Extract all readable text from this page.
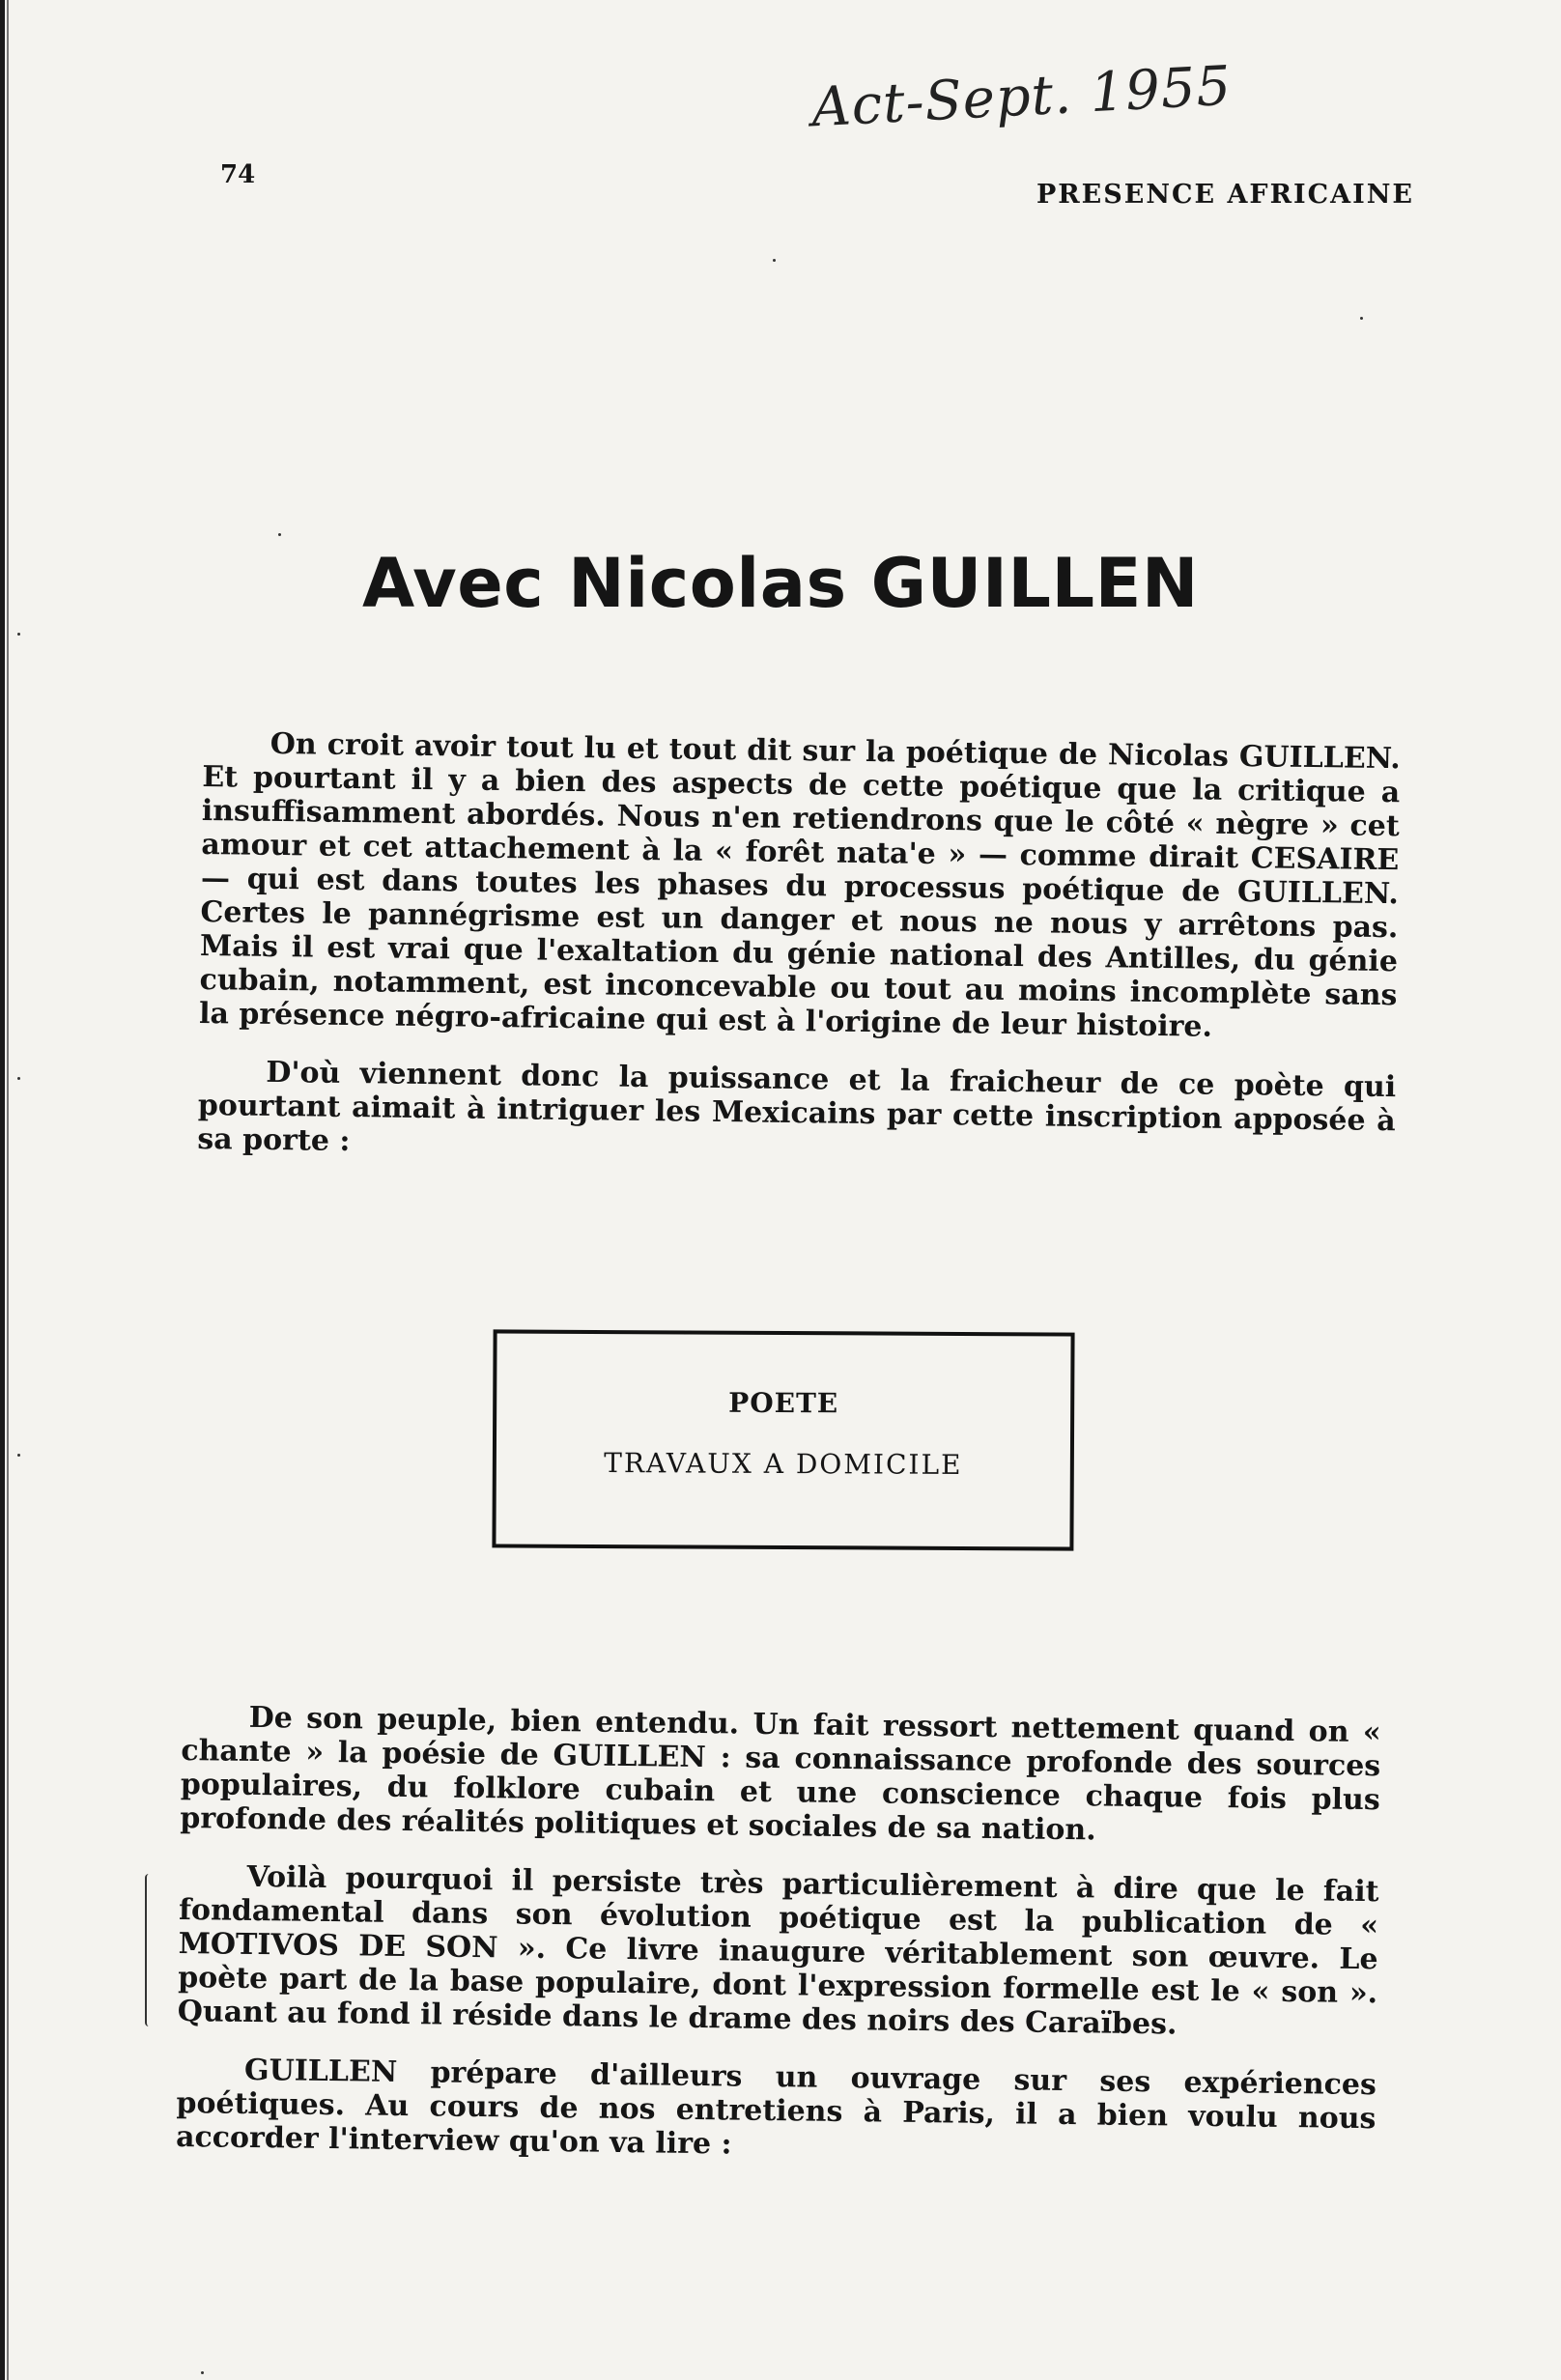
Act-Sept. 1955
74
PRESENCE AFRICAINE
Avec Nicolas GUILLEN

On croit avoir tout lu et tout dit sur la poétique de Nicolas GUILLEN. Et pourtant il y a bien des aspects de cette poétique que la critique a insuffisamment abordés. Nous n'en retiendrons que le côté « nègre » cet amour et cet attachement à la « forêt nata'e » — comme dirait CESAIRE — qui est dans toutes les phases du processus poétique de GUILLEN. Certes le pannégrisme est un danger et nous ne nous y arrêtons pas. Mais il est vrai que l'exaltation du génie national des Antilles, du génie cubain, notamment, est inconcevable ou tout au moins incomplète sans la présence négro-africaine qui est à l'origine de leur histoire.

D'où viennent donc la puissance et la fraicheur de ce poète qui pourtant aimait à intriguer les Mexicains par cette inscription apposée à sa porte :

POETE
TRAVAUX A DOMICILE

De son peuple, bien entendu. Un fait ressort nettement quand on « chante » la poésie de GUILLEN : sa connaissance profonde des sources populaires, du folklore cubain et une conscience chaque fois plus profonde des réalités politiques et sociales de sa nation.

Voilà pourquoi il persiste très particulièrement à dire que le fait fondamental dans son évolution poétique est la publication de « MOTIVOS DE SON ». Ce livre inaugure véritablement son œuvre. Le poète part de la base populaire, dont l'expression formelle est le « son ». Quant au fond il réside dans le drame des noirs des Caraïbes.

GUILLEN prépare d'ailleurs un ouvrage sur ses expériences poétiques. Au cours de nos entretiens à Paris, il a bien voulu nous accorder l'interview qu'on va lire :
